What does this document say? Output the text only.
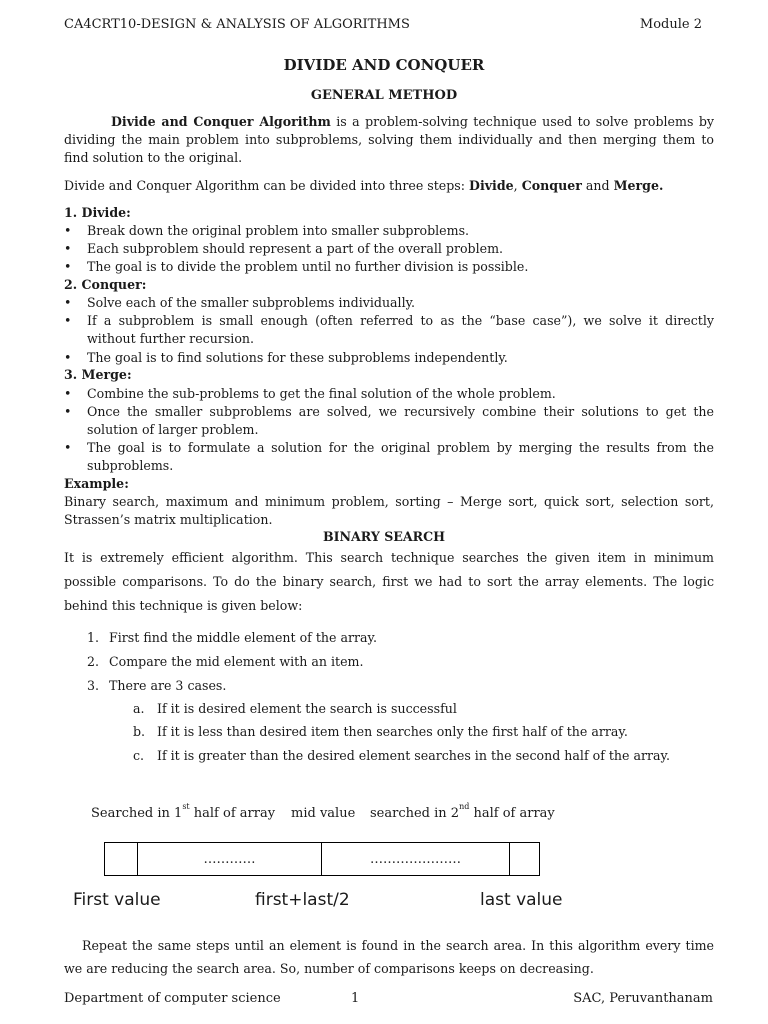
CA4CRT10-DESIGN & ANALYSIS OF ALGORITHMS	Module 2
DIVIDE AND CONQUER
GENERAL METHOD
Divide and Conquer Algorithm is a problem-solving technique used to solve problems by dividing the main problem into subproblems, solving them individually and then merging them to find solution to the original.
Divide and Conquer Algorithm can be divided into three steps: Divide, Conquer and Merge.
1. Divide:
• Break down the original problem into smaller subproblems.
• Each subproblem should represent a part of the overall problem.
• The goal is to divide the problem until no further division is possible.
2. Conquer:
• Solve each of the smaller subproblems individually.
• If a subproblem is small enough (often referred to as the “base case”), we solve it directly without further recursion.
• The goal is to find solutions for these subproblems independently.
3. Merge:
• Combine the sub-problems to get the final solution of the whole problem.
• Once the smaller subproblems are solved, we recursively combine their solutions to get the solution of larger problem.
• The goal is to formulate a solution for the original problem by merging the results from the subproblems.
Example:
Binary search, maximum and minimum problem, sorting – Merge sort, quick sort, selection sort, Strassen’s matrix multiplication.
BINARY SEARCH
It is extremely efficient algorithm. This search technique searches the given item in minimum possible comparisons. To do the binary search, first we had to sort the array elements. The logic behind this technique is given below:
1. First find the middle element of the array.
2. Compare the mid element with an item.
3. There are 3 cases.
a. If it is desired element the search is successful
b. If it is less than desired item then searches only the first half of the array.
c. If it is greater than the desired element searches in the second half of the array.
Searched in 1st half of array mid value searched in 2nd half of array
…………	…………………
First value	first+last/2	last value
Repeat the same steps until an element is found in the search area. In this algorithm every time we are reducing the search area. So, number of comparisons keeps on decreasing.
Department of computer science	1	SAC, Peruvanthanam
